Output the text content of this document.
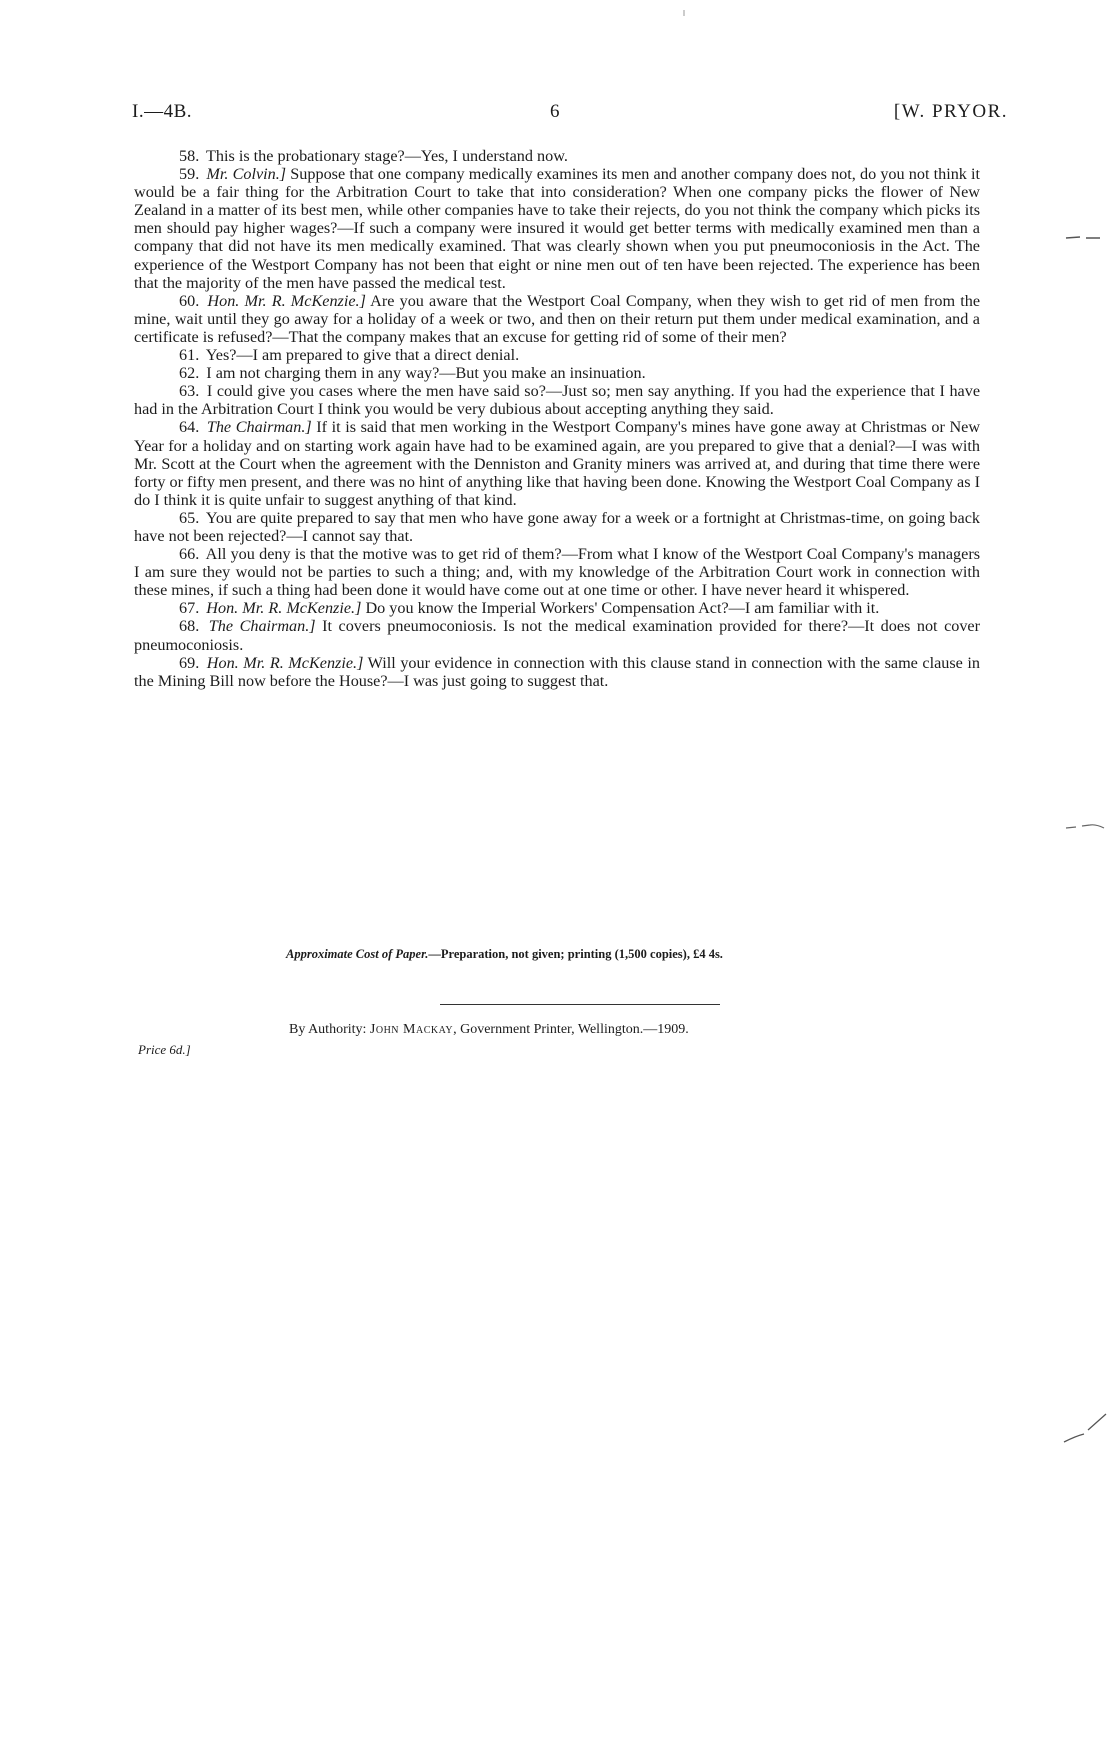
I.—4B.	6	[W. PRYOR.

58. This is the probationary stage?—Yes, I understand now.

59. Mr. Colvin.] Suppose that one company medically examines its men and another company does not, do you not think it would be a fair thing for the Arbitration Court to take that into consideration? When one company picks the flower of New Zealand in a matter of its best men, while other companies have to take their rejects, do you not think the company which picks its men should pay higher wages?—If such a company were insured it would get better terms with medically examined men than a company that did not have its men medically examined. That was clearly shown when you put pneumoconiosis in the Act. The experience of the Westport Company has not been that eight or nine men out of ten have been rejected. The experience has been that the majority of the men have passed the medical test.

60. Hon. Mr. R. McKenzie.] Are you aware that the Westport Coal Company, when they wish to get rid of men from the mine, wait until they go away for a holiday of a week or two, and then on their return put them under medical examination, and a certificate is refused?—That the company makes that an excuse for getting rid of some of their men?

61. Yes?—I am prepared to give that a direct denial.

62. I am not charging them in any way?—But you make an insinuation.

63. I could give you cases where the men have said so?—Just so; men say anything. If you had the experience that I have had in the Arbitration Court I think you would be very dubious about accepting anything they said.

64. The Chairman.] If it is said that men working in the Westport Company's mines have gone away at Christmas or New Year for a holiday and on starting work again have had to be examined again, are you prepared to give that a denial?—I was with Mr. Scott at the Court when the agreement with the Denniston and Granity miners was arrived at, and during that time there were forty or fifty men present, and there was no hint of anything like that having been done. Knowing the Westport Coal Company as I do I think it is quite unfair to suggest anything of that kind.

65. You are quite prepared to say that men who have gone away for a week or a fortnight at Christmas-time, on going back have not been rejected?—I cannot say that.

66. All you deny is that the motive was to get rid of them?—From what I know of the Westport Coal Company's managers I am sure they would not be parties to such a thing; and, with my knowledge of the Arbitration Court work in connection with these mines, if such a thing had been done it would have come out at one time or other. I have never heard it whispered.

67. Hon. Mr. R. McKenzie.] Do you know the Imperial Workers' Compensation Act?—I am familiar with it.

68. The Chairman.] It covers pneumoconiosis. Is not the medical examination provided for there?—It does not cover pneumoconiosis.

69. Hon. Mr. R. McKenzie.] Will your evidence in connection with this clause stand in connection with the same clause in the Mining Bill now before the House?—I was just going to suggest that.

Approximate Cost of Paper.—Preparation, not given; printing (1,500 copies), £4 4s.
By Authority: John Mackay, Government Printer, Wellington.—1909.
Price 6d.]
